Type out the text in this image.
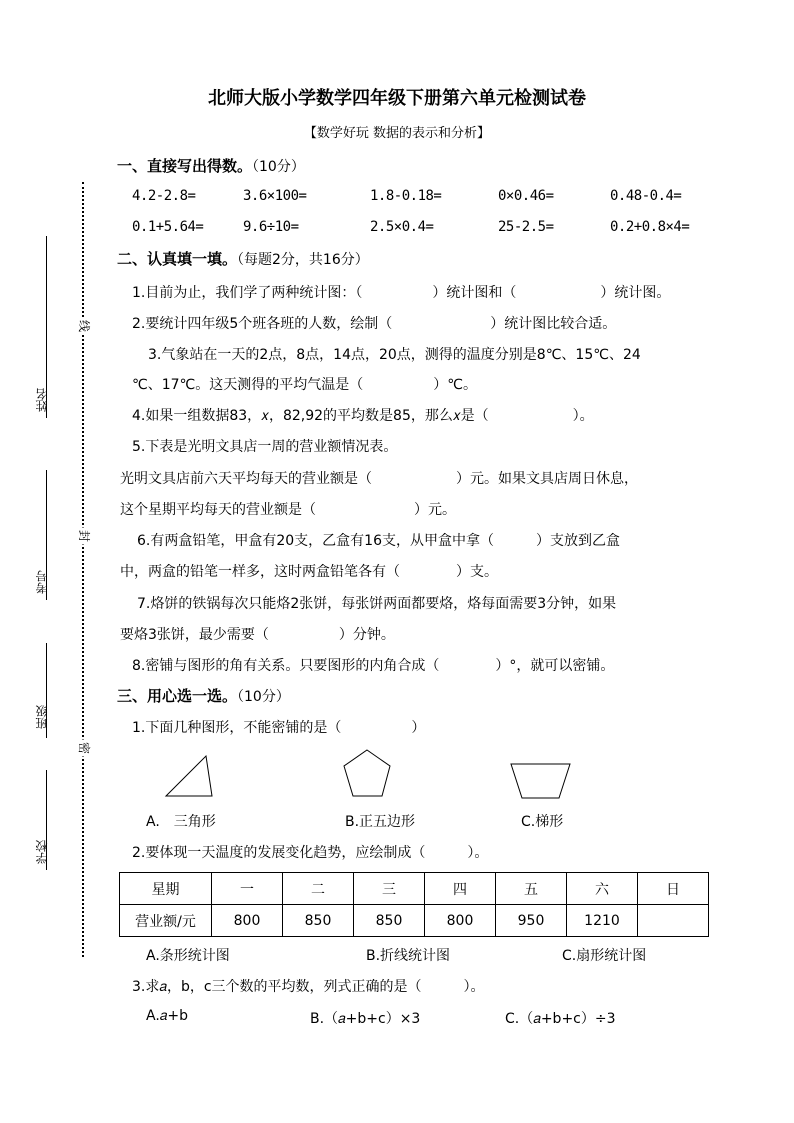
北师大版小学数学四年级下册第六单元检测试卷
【数学好玩 数据的表示和分析】
线
封
密
姓名
考号
班级
学校
一、直接写出得数。（10分）
4.2-2.8=	3.6×100=	1.8-0.18=	0×0.46=	0.48-0.4=
0.1+5.64=	9.6÷10=	2.5×0.4=	25-2.5=	0.2+0.8×4=
二、认真填一填。（每题2分，共16分）
1.目前为止，我们学了两种统计图：（　　　　　）统计图和（　　　　　　）统计图。
2.要统计四年级5个班各班的人数，绘制（　　　　　　　）统计图比较合适。
3.气象站在一天的2点，8点，14点，20点，测得的温度分别是8℃、15℃、24
℃、17℃。这天测得的平均气温是（　　　　　）℃。
4.如果一组数据83，𝑥，82,92的平均数是85，那么𝑥是（　　　　　　）。
5.下表是光明文具店一周的营业额情况表。
光明文具店前六天平均每天的营业额是（　　　　　　）元。如果文具店周日休息，
这个星期平均每天的营业额是（　　　　　　　）元。
6.有两盒铅笔，甲盒有20支，乙盒有16支，从甲盒中拿（　　　）支放到乙盒
中，两盒的铅笔一样多，这时两盒铅笔各有（　　　　）支。
7.烙饼的铁锅每次只能烙2张饼，每张饼两面都要烙，烙每面需要3分钟，如果
要烙3张饼，最少需要（　　　　　）分钟。
8.密铺与图形的角有关系。只要图形的内角合成（　　　　）°，就可以密铺。
三、用心选一选。（10分）
1.下面几种图形，不能密铺的是（　　　　　）
A.　三角形	B.正五边形	C.梯形
2.要体现一天温度的发展变化趋势，应绘制成（　　　）。
星期	一	二	三	四	五	六	日
营业额/元	800	850	850	800	950	1210	
A.条形统计图	B.折线统计图	C.扇形统计图
3.求𝑎，b，c三个数的平均数，列式正确的是（　　　）。
A.𝑎+b	B.（𝑎+b+c）×3	C.（𝑎+b+c）÷3
